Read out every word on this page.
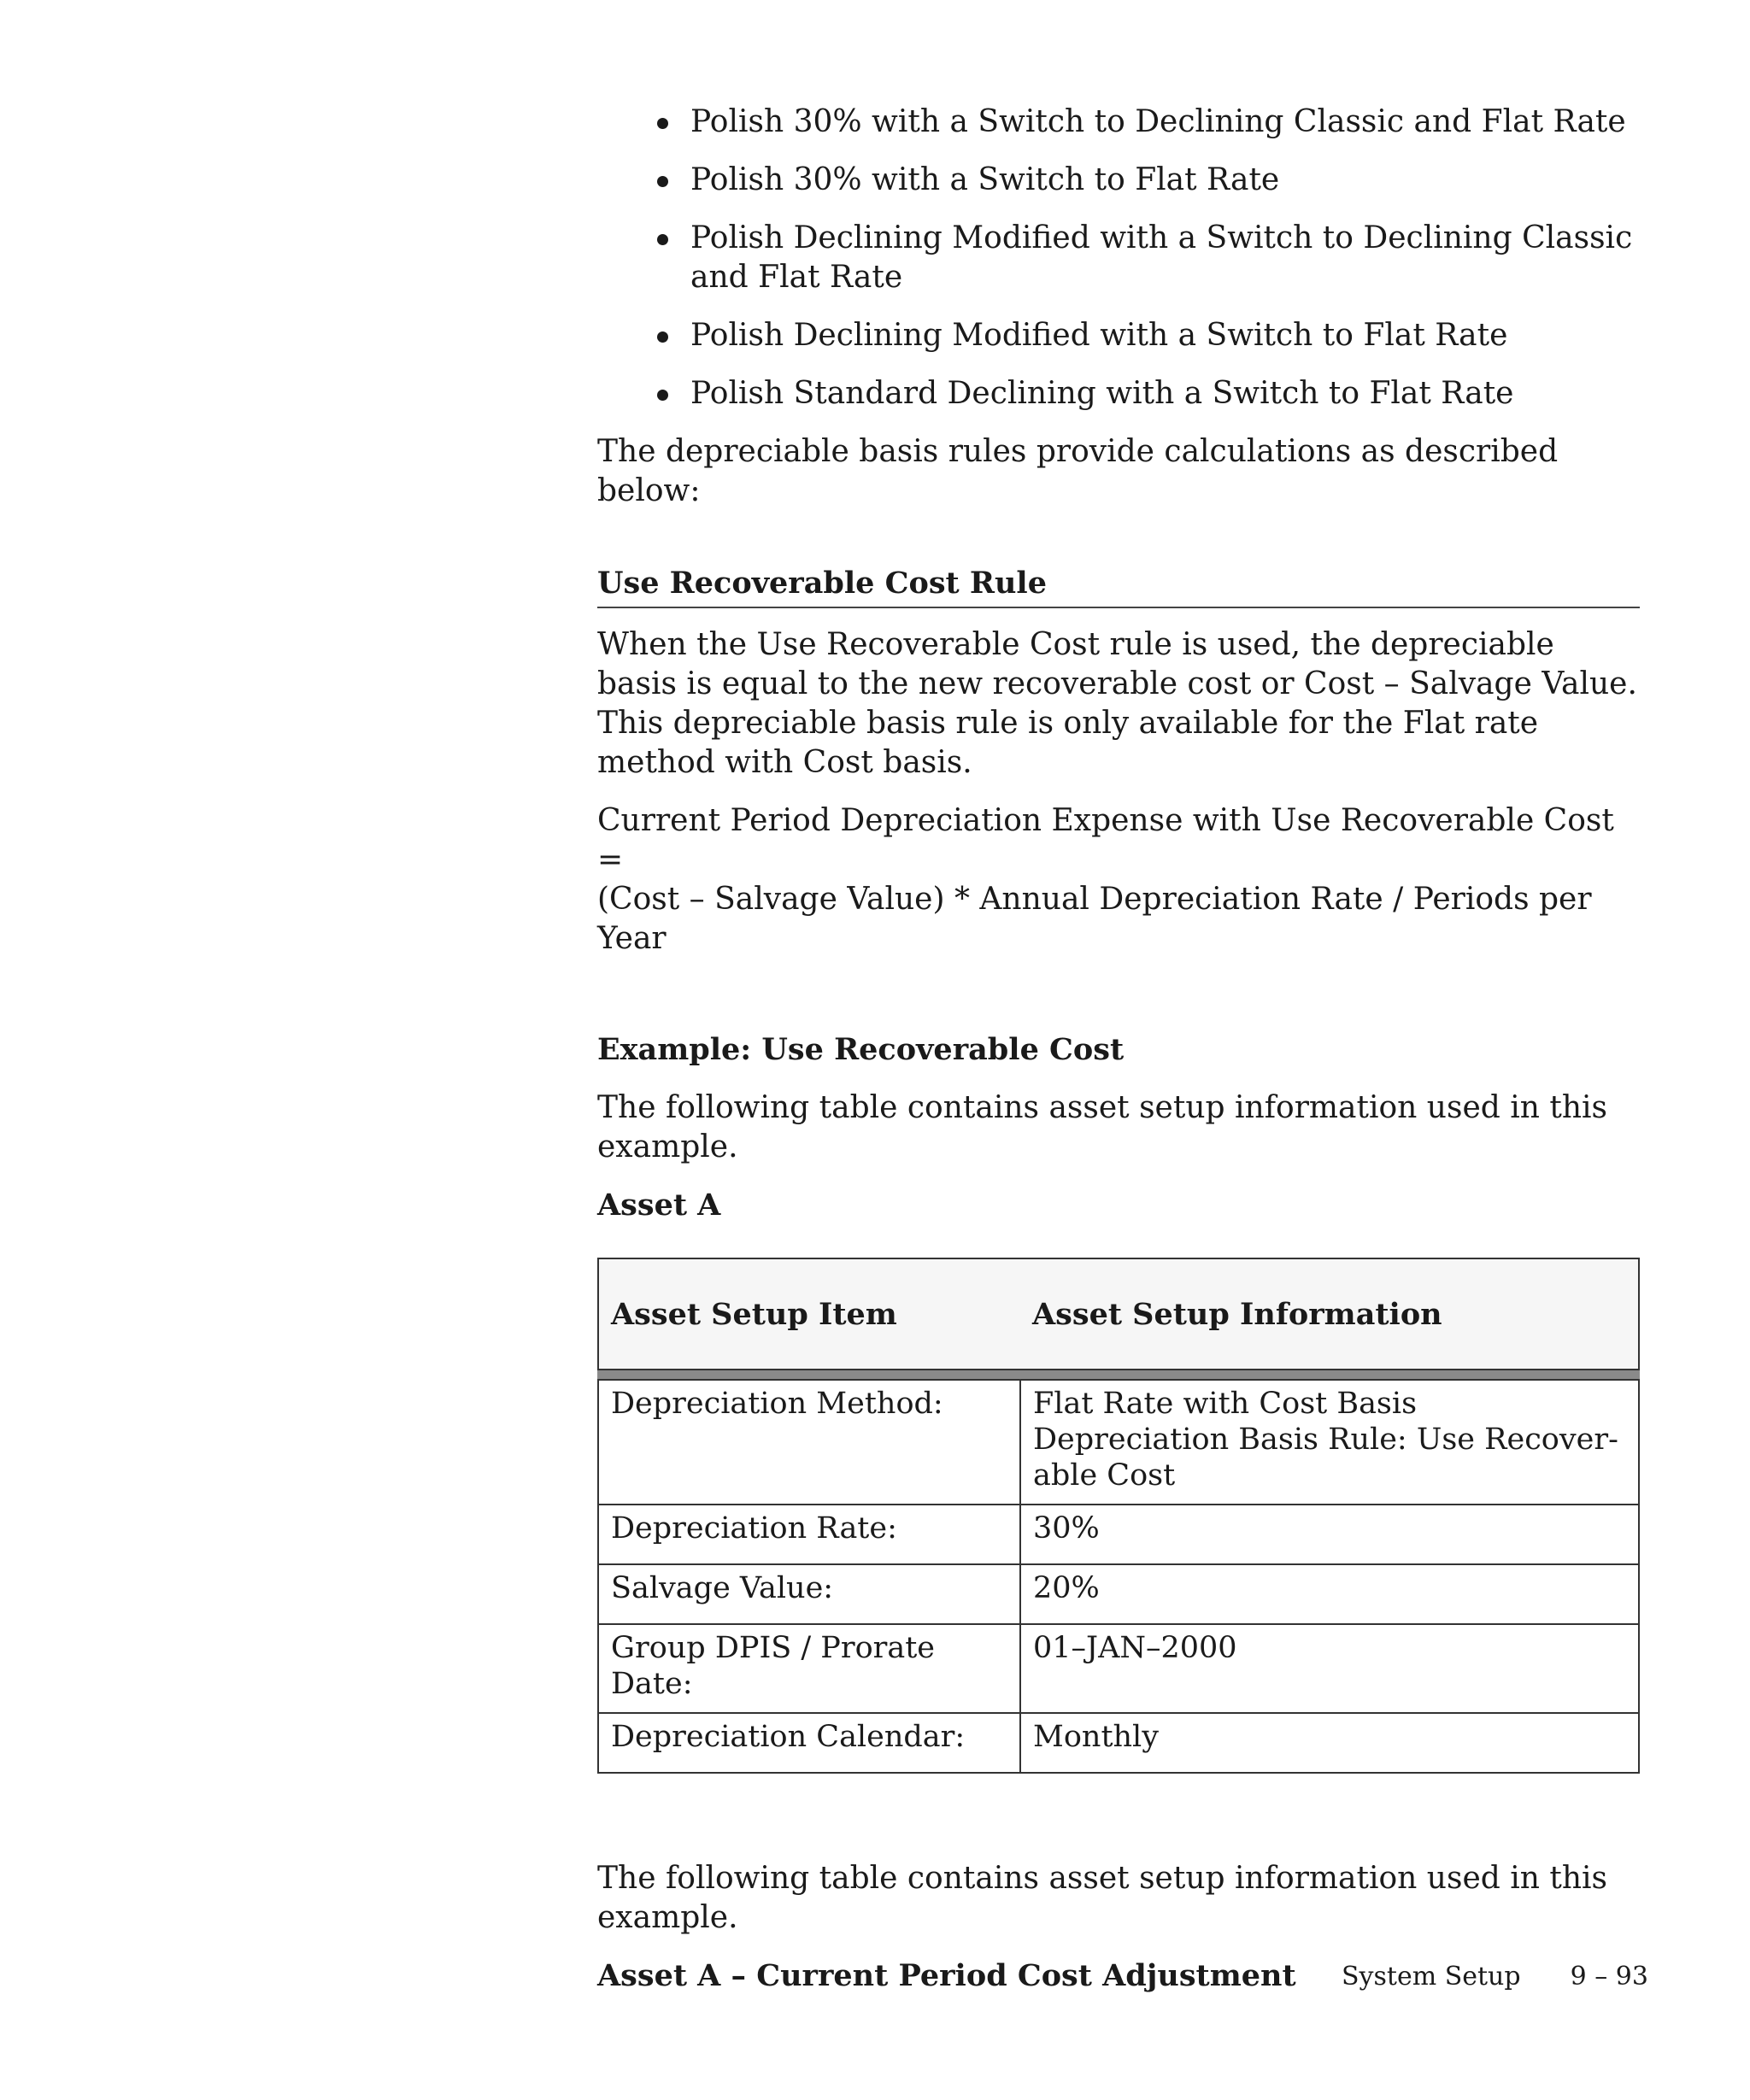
Polish 30% with a Switch to Declining Classic and Flat Rate
Polish 30% with a Switch to Flat Rate
Polish Declining Modified with a Switch to Declining Classic and Flat Rate
Polish Declining Modified with a Switch to Flat Rate
Polish Standard Declining with a Switch to Flat Rate

The depreciable basis rules provide calculations as described below:

Use Recoverable Cost Rule

When the Use Recoverable Cost rule is used, the depreciable basis is equal to the new recoverable cost or Cost – Salvage Value. This depreciable basis rule is only available for the Flat rate method with Cost basis.

Current Period Depreciation Expense with Use Recoverable Cost =
(Cost – Salvage Value) * Annual Depreciation Rate / Periods per Year

Example: Use Recoverable Cost

The following table contains asset setup information used in this example.

Asset A
Asset Setup Item	Asset Setup Information

Depreciation Method:	Flat Rate with Cost Basis
Depreciation Basis Rule: Use Recover-
able Cost
Depreciation Rate:	30%
Salvage Value:	20%
Group DPIS / Prorate Date:	01–JAN–2000
Depreciation Calendar:	Monthly

The following table contains asset setup information used in this example.

Asset A – Current Period Cost Adjustment	System Setup 9 – 93
